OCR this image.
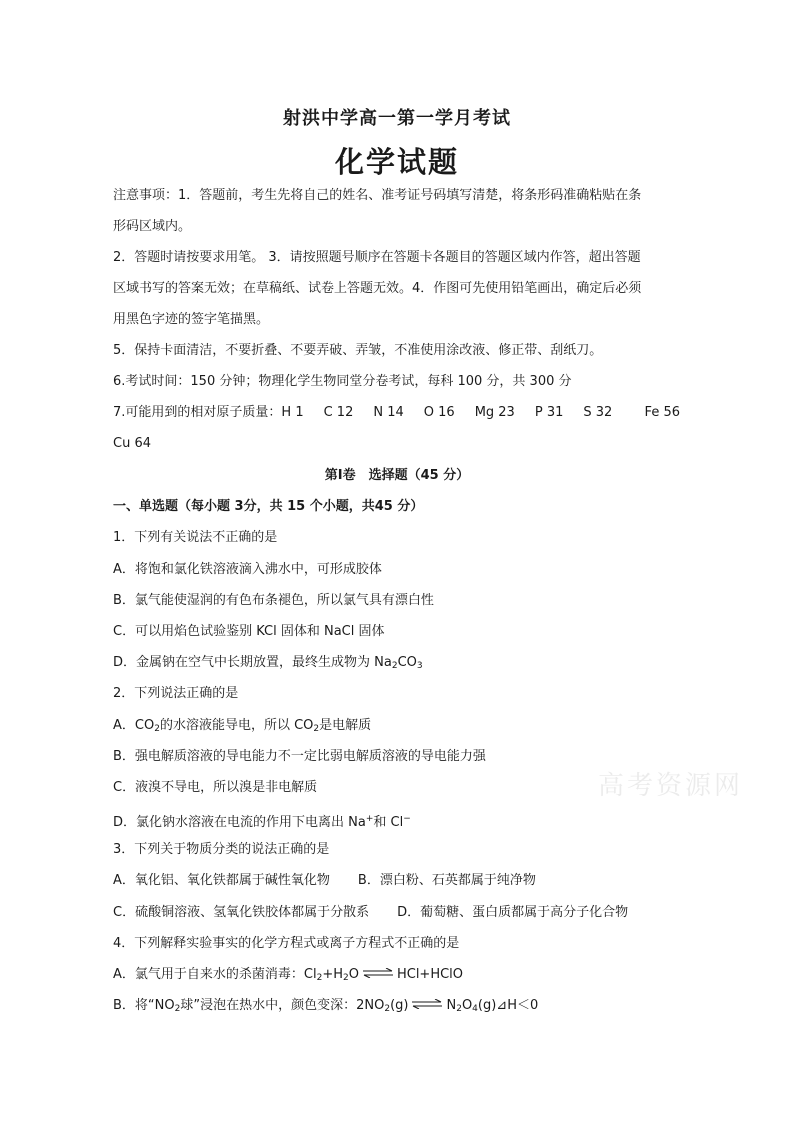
射洪中学高一第一学月考试
化学试题
注意事项：1．答题前，考生先将自己的姓名、准考证号码填写清楚，将条形码准确粘贴在条
形码区域内。
2．答题时请按要求用笔。 3．请按照题号顺序在答题卡各题目的答题区域内作答，超出答题
区域书写的答案无效；在草稿纸、试卷上答题无效。4．作图可先使用铅笔画出，确定后必须
用黑色字迹的签字笔描黑。
5．保持卡面清洁，不要折叠、不要弄破、弄皱，不准使用涂改液、修正带、刮纸刀。
6.考试时间：150 分钟；物理化学生物同堂分卷考试，每科 100 分，共 300 分
7.可能用到的相对原子质量：H 1 C 12 N 14 O 16 Mg 23 P 31 S 32 Fe 56
Cu 64
第Ⅰ卷　选择题（45 分）
一、单选题（每小题 3分，共 15 个小题，共45 分）
1．下列有关说法不正确的是
A．将饱和氯化铁溶液滴入沸水中，可形成胶体
B．氯气能使湿润的有色布条褪色，所以氯气具有漂白性
C．可以用焰色试验鉴别 KCl 固体和 NaCl 固体
D．金属钠在空气中长期放置，最终生成物为 $Na_2CO_3$
2．下列说法正确的是
A．$CO_2$的水溶液能导电，所以 $CO_2$是电解质
B．强电解质溶液的导电能力不一定比弱电解质溶液的导电能力强
C．液溴不导电，所以溴是非电解质
D．氯化钠水溶液在电流的作用下电离出 Na+和 Cl−
3．下列关于物质分类的说法正确的是
A．氧化铝、氧化铁都属于碱性氧化物 B．漂白粉、石英都属于纯净物
C．硫酸铜溶液、氢氧化铁胶体都属于分散系 D．葡萄糖、蛋白质都属于高分子化合物
4．下列解释实验事实的化学方程式或离子方程式不正确的是
A．氯气用于自来水的杀菌消毒：$Cl_2+H_2O$ ⇌ HCl+HClO
B．将“$NO_2$球”浸泡在热水中，颜色变深：$2NO_2(g)$ ⇌ $N_2O_4(g)⊿H<0$
高考资源网
